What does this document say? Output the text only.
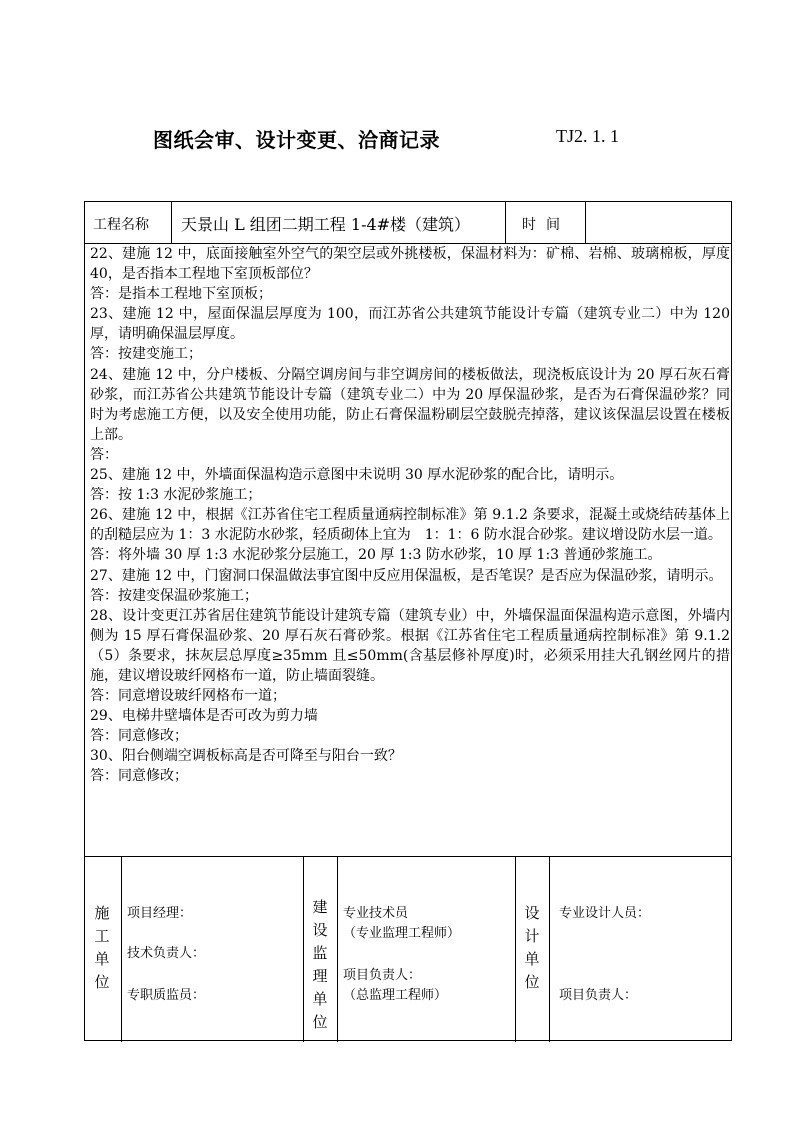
图纸会审、设计变更、洽商记录	TJ2. 1. 1
工程名称 天景山 L 组团二期工程 1-4#楼（建筑）	时间

22、建施 12 中，底面接触室外空气的架空层或外挑楼板，保温材料为：矿棉、岩棉、玻璃棉板，厚度 40，是否指本工程地下室顶板部位？

答：是指本工程地下室顶板；

23、建施 12 中，屋面保温层厚度为 100，而江苏省公共建筑节能设计专篇（建筑专业二）中为 120 厚，请明确保温层厚度。

答：按建变施工；

24、建施 12 中，分户楼板、分隔空调房间与非空调房间的楼板做法，现浇板底设计为 20 厚石灰石膏砂浆，而江苏省公共建筑节能设计专篇（建筑专业二）中为 20 厚保温砂浆，是否为石膏保温砂浆？同时为考虑施工方便，以及安全使用功能，防止石膏保温粉刷层空鼓脱壳掉落，建议该保温层设置在楼板上部。

答：

25、建施 12 中，外墙面保温构造示意图中未说明 30 厚水泥砂浆的配合比，请明示。

答：按 1:3 水泥砂浆施工；

26、建施 12 中，根据《江苏省住宅工程质量通病控制标准》第 9.1.2 条要求，混凝土或烧结砖基体上的刮糙层应为 1：3 水泥防水砂浆，轻质砌体上宜为　1：1：6 防水混合砂浆。建议增设防水层一道。

答：将外墙 30 厚 1:3 水泥砂浆分层施工，20 厚 1:3 防水砂浆，10 厚 1:3 普通砂浆施工。

27、建施 12 中，门窗洞口保温做法事宜图中反应用保温板，是否笔误？是否应为保温砂浆，请明示。

答：按建变保温砂浆施工；

28、设计变更江苏省居住建筑节能设计建筑专篇（建筑专业）中，外墙保温面保温构造示意图，外墙内侧为 15 厚石膏保温砂浆、20 厚石灰石膏砂浆。根据《江苏省住宅工程质量通病控制标准》第 9.1.2（5）条要求，抹灰层总厚度≥35mm 且≤50mm(含基层修补厚度)时，必须采用挂大孔钢丝网片的措施，建议增设玻纤网格布一道，防止墙面裂缝。

答：同意增设玻纤网格布一道；

29、电梯井壁墙体是否可改为剪力墙

答：同意修改；

30、阳台侧端空调板标高是否可降至与阳台一致？

答：同意修改；

施
工
单
位
项目经理：
技术负责人：
专职质监员：
建
设
监
理
单
位
专业技术员
（专业监理工程师）
项目负责人：
（总监理工程师）
设
计
单
位
专业设计人员：
项目负责人：
